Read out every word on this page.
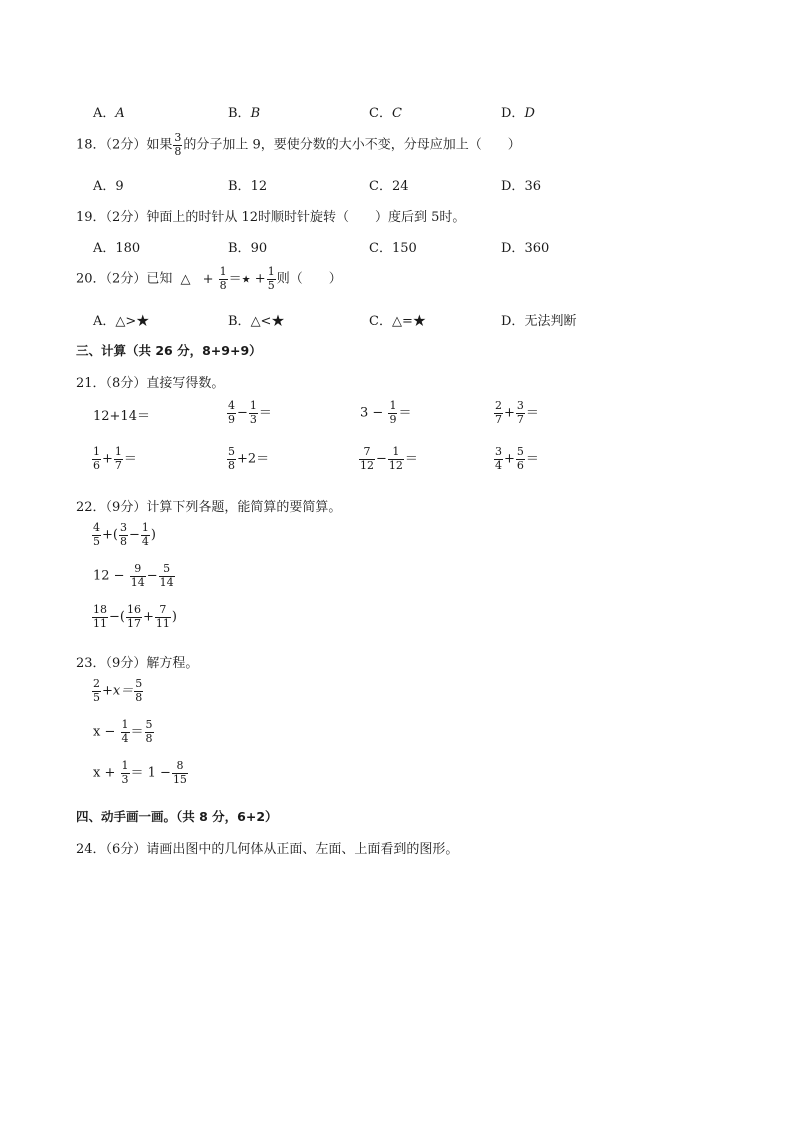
A．A	B．B	C．C	D．D
18．（2分）如果 $\frac{3}{8}$ 的分子加上 9，要使分数的大小不变，分母应加上（　　）
A．9	B．12	C．24	D．36
19．（2分）钟面上的时针从 12时顺时针旋转（　　）度后到 5时。
A．180	B．90	C．150	D．360
20．（2分）已知 △ + $\frac{1}{8}$ ＝★ + $\frac{1}{5}$ 则（　　）
A．△>★	B．△<★	C．△=★	D．无法判断
三、计算（共 26 分，8+9+9）
21．（8分）直接写得数。
12+14＝	$\frac{4}{9} - \frac{1}{3}$ ＝	$3 - \frac{1}{9}$ ＝	$\frac{2}{7} + \frac{3}{7}$ ＝
$\frac{1}{6} + \frac{1}{7}$ ＝	$\frac{5}{8} +2=$	$\frac{7}{12} - \frac{1}{12}$ ＝	$\frac{3}{4} + \frac{5}{6}$ ＝
22．（9分）计算下列各题，能简算的要简算。
$\frac{4}{5}$ +( $\frac{3}{8} - \frac{1}{4}$ )
$12 - \frac{9}{14} - \frac{5}{14}$
$\frac{18}{11}$ −( $\frac{16}{17} + \frac{7}{11}$ )
23．（9分）解方程。
$\frac{2}{5} +x= \frac{5}{8}$
$x - \frac{1}{4} = \frac{5}{8}$
$x + \frac{1}{3} = 1 - \frac{8}{15}$
四、动手画一画。（共 8 分，6+2）
24．（6分）请画出图中的几何体从正面、左面、上面看到的图形。
